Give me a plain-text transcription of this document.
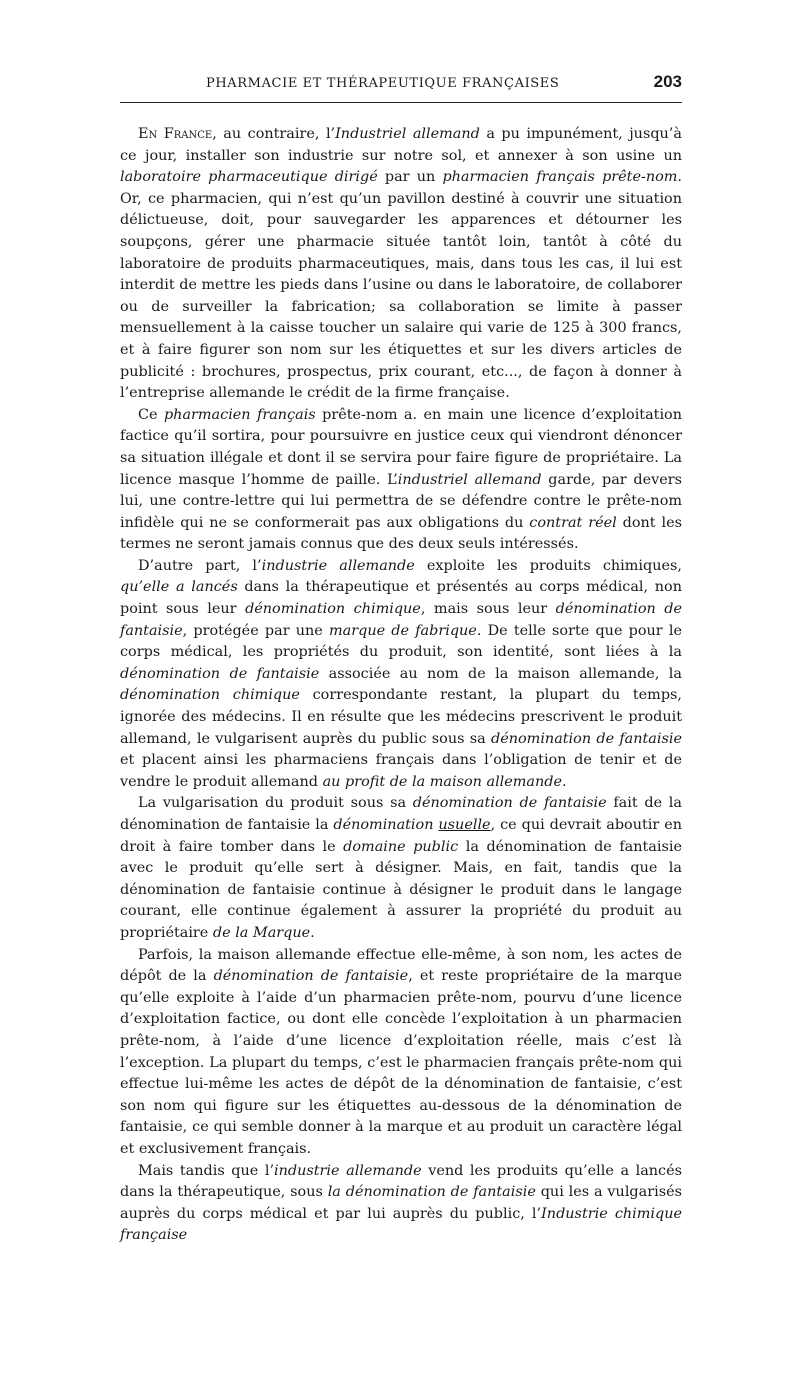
PHARMACIE ET THÉRAPEUTIQUE FRANÇAISES	203

En France, au contraire, l’Industriel allemand a pu impunément, jusqu’à ce jour, installer son industrie sur notre sol, et annexer à son usine un laboratoire pharmaceutique dirigé par un pharmacien français prête-nom. Or, ce pharmacien, qui n’est qu’un pavillon destiné à couvrir une situation délictueuse, doit, pour sauvegarder les apparences et détourner les soupçons, gérer une pharmacie située tantôt loin, tantôt à côté du laboratoire de produits pharmaceutiques, mais, dans tous les cas, il lui est interdit de mettre les pieds dans l’usine ou dans le laboratoire, de collaborer ou de surveiller la fabrication; sa collaboration se limite à passer mensuellement à la caisse toucher un salaire qui varie de 125 à 300 francs, et à faire figurer son nom sur les étiquettes et sur les divers articles de publicité : brochures, prospectus, prix courant, etc..., de façon à donner à l’entreprise allemande le crédit de la firme française.

Ce pharmacien français prête-nom a. en main une licence d’exploitation factice qu’il sortira, pour poursuivre en justice ceux qui viendront dénoncer sa situation illégale et dont il se servira pour faire figure de propriétaire. La licence masque l’homme de paille. L’industriel allemand garde, par devers lui, une contre-lettre qui lui permettra de se défendre contre le prête-nom infidèle qui ne se conformerait pas aux obligations du contrat réel dont les termes ne seront jamais connus que des deux seuls intéressés.

D’autre part, l’industrie allemande exploite les produits chimiques, qu’elle a lancés dans la thérapeutique et présentés au corps médical, non point sous leur dénomination chimique, mais sous leur dénomination de fantaisie, protégée par une marque de fabrique. De telle sorte que pour le corps médical, les propriétés du produit, son identité, sont liées à la dénomination de fantaisie associée au nom de la maison allemande, la dénomination chimique correspondante restant, la plupart du temps, ignorée des médecins. Il en résulte que les médecins prescrivent le produit allemand, le vulgarisent auprès du public sous sa dénomination de fantaisie et placent ainsi les pharmaciens français dans l’obligation de tenir et de vendre le produit allemand au profit de la maison allemande.

La vulgarisation du produit sous sa dénomination de fantaisie fait de la dénomination de fantaisie la dénomination usuelle, ce qui devrait aboutir en droit à faire tomber dans le domaine public la dénomination de fantaisie avec le produit qu’elle sert à désigner. Mais, en fait, tandis que la dénomination de fantaisie continue à désigner le produit dans le langage courant, elle continue également à assurer la propriété du produit au propriétaire de la Marque.

Parfois, la maison allemande effectue elle-même, à son nom, les actes de dépôt de la dénomination de fantaisie, et reste propriétaire de la marque qu’elle exploite à l’aide d’un pharmacien prête-nom, pourvu d’une licence d’exploitation factice, ou dont elle concède l’exploitation à un pharmacien prête-nom, à l’aide d’une licence d’exploitation réelle, mais c’est là l’exception. La plupart du temps, c’est le pharmacien français prête-nom qui effectue lui-même les actes de dépôt de la dénomination de fantaisie, c’est son nom qui figure sur les étiquettes au-dessous de la dénomination de fantaisie, ce qui semble donner à la marque et au produit un caractère légal et exclusivement français.

Mais tandis que l’industrie allemande vend les produits qu’elle a lancés dans la thérapeutique, sous la dénomination de fantaisie qui les a vulgarisés auprès du corps médical et par lui auprès du public, l’Industrie chimique française
